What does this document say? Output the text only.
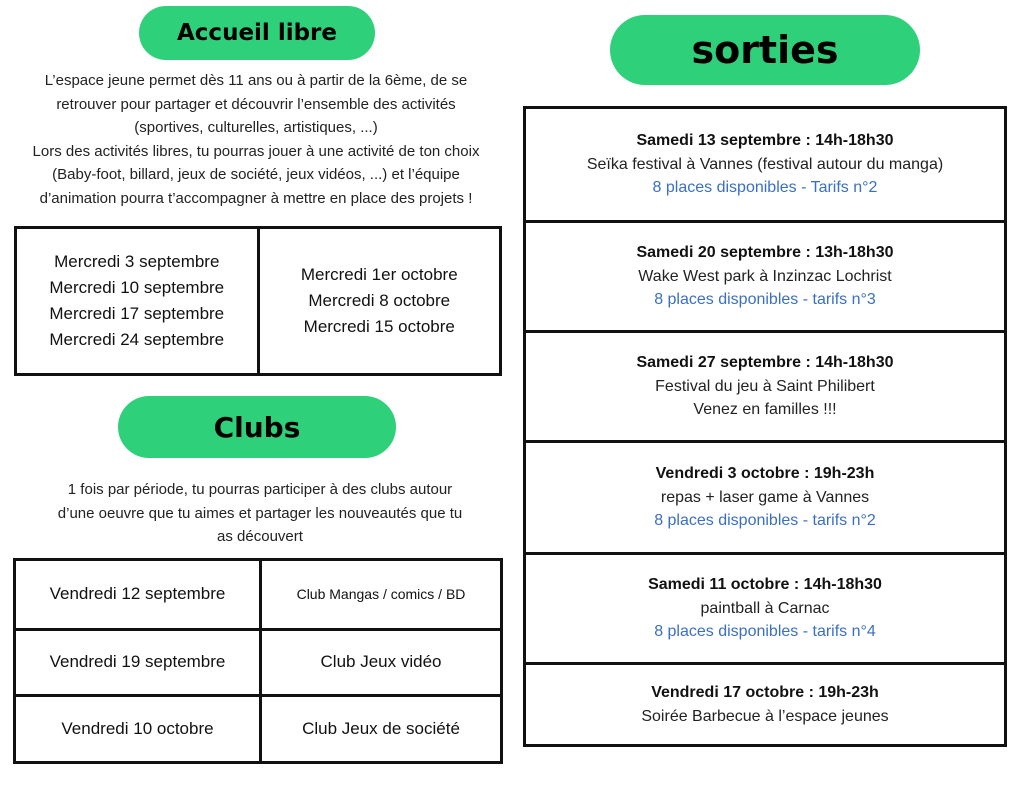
Accueil libre
L’espace jeune permet dès 11 ans ou à partir de la 6ème, de se
retrouver pour partager et découvrir l’ensemble des activités
(sportives, culturelles, artistiques, ...)
Lors des activités libres, tu pourras jouer à une activité de ton choix
(Baby-foot, billard, jeux de société, jeux vidéos, ...) et l’équipe
d’animation pourra t’accompagner à mettre en place des projets !
Mercredi 3 septembre
Mercredi 10 septembre
Mercredi 17 septembre
Mercredi 24 septembre
Mercredi 1er octobre
Mercredi 8 octobre
Mercredi 15 octobre
Clubs
1 fois par période, tu pourras participer à des clubs autour
d’une oeuvre que tu aimes et partager les nouveautés que tu
as découvert
Vendredi 12 septembre	Club Mangas / comics / BD
Vendredi 19 septembre	Club Jeux vidéo
Vendredi 10 octobre	Club Jeux de société
sorties
Samedi 13 septembre : 14h-18h30
Seïka festival à Vannes (festival autour du manga)
8 places disponibles - Tarifs n°2
Samedi 20 septembre : 13h-18h30
Wake West park à Inzinzac Lochrist
8 places disponibles - tarifs n°3
Samedi 27 septembre : 14h-18h30
Festival du jeu à Saint Philibert
Venez en familles !!!
Vendredi 3 octobre : 19h-23h
repas + laser game à Vannes
8 places disponibles - tarifs n°2
Samedi 11 octobre : 14h-18h30
paintball à Carnac
8 places disponibles - tarifs n°4
Vendredi 17 octobre : 19h-23h
Soirée Barbecue à l’espace jeunes
